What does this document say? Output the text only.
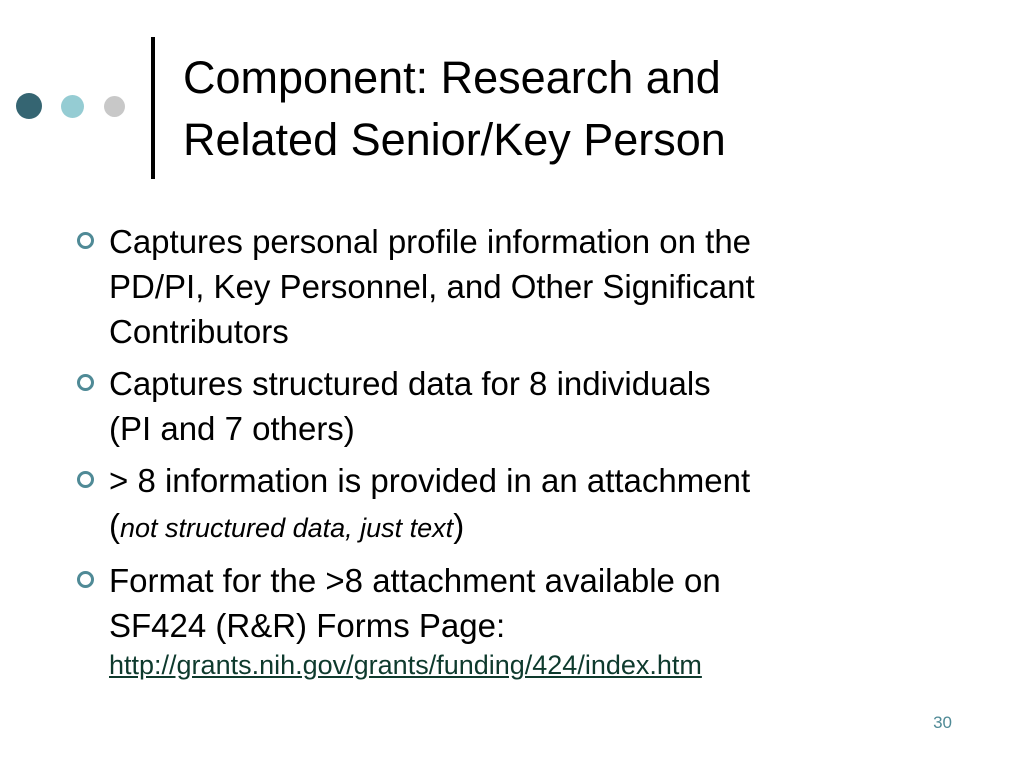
Component: Research and
Related Senior/Key Person
Captures personal profile information on the
PD/PI, Key Personnel, and Other Significant
Contributors
Captures structured data for 8 individuals
(PI and 7 others)
> 8 information is provided in an attachment
(not structured data, just text)
Format for the >8 attachment available on
SF424 (R&R) Forms Page:
http://grants.nih.gov/grants/funding/424/index.htm
30
